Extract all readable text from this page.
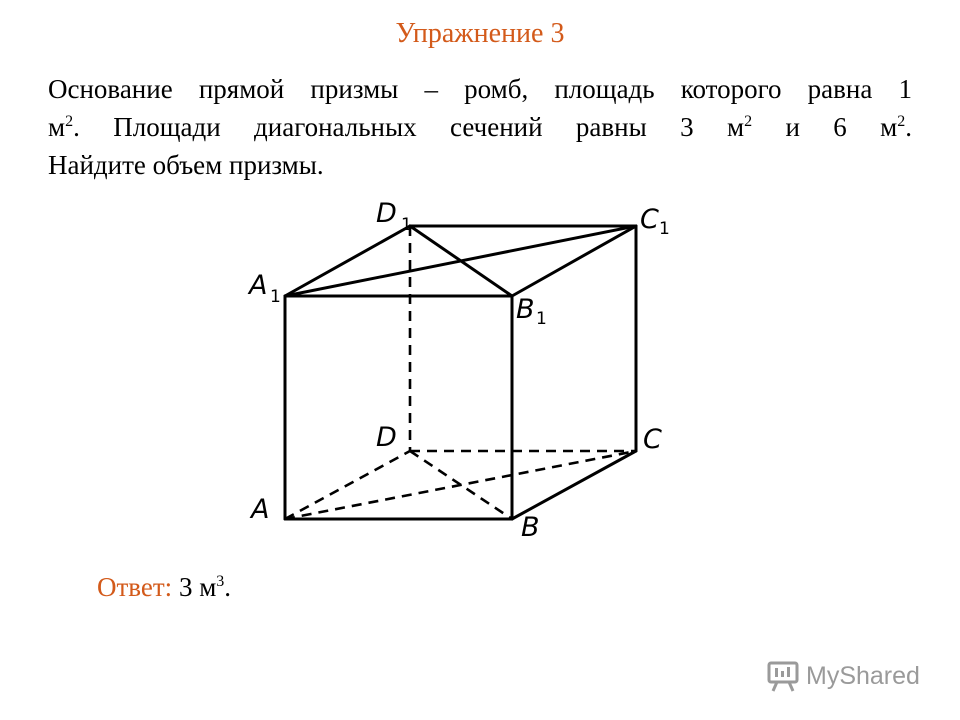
Упражнение 3
Основание прямой призмы – ромб, площадь которого равна 1
$м^2$. Площади диагональных сечений равны 3 $м^2$ и 6 $м^2$.
Найдите объем призмы.
D 1	C 1
A 1	B 1
D	C
A
B
Ответ: 3 $м^3$.
MyShared
